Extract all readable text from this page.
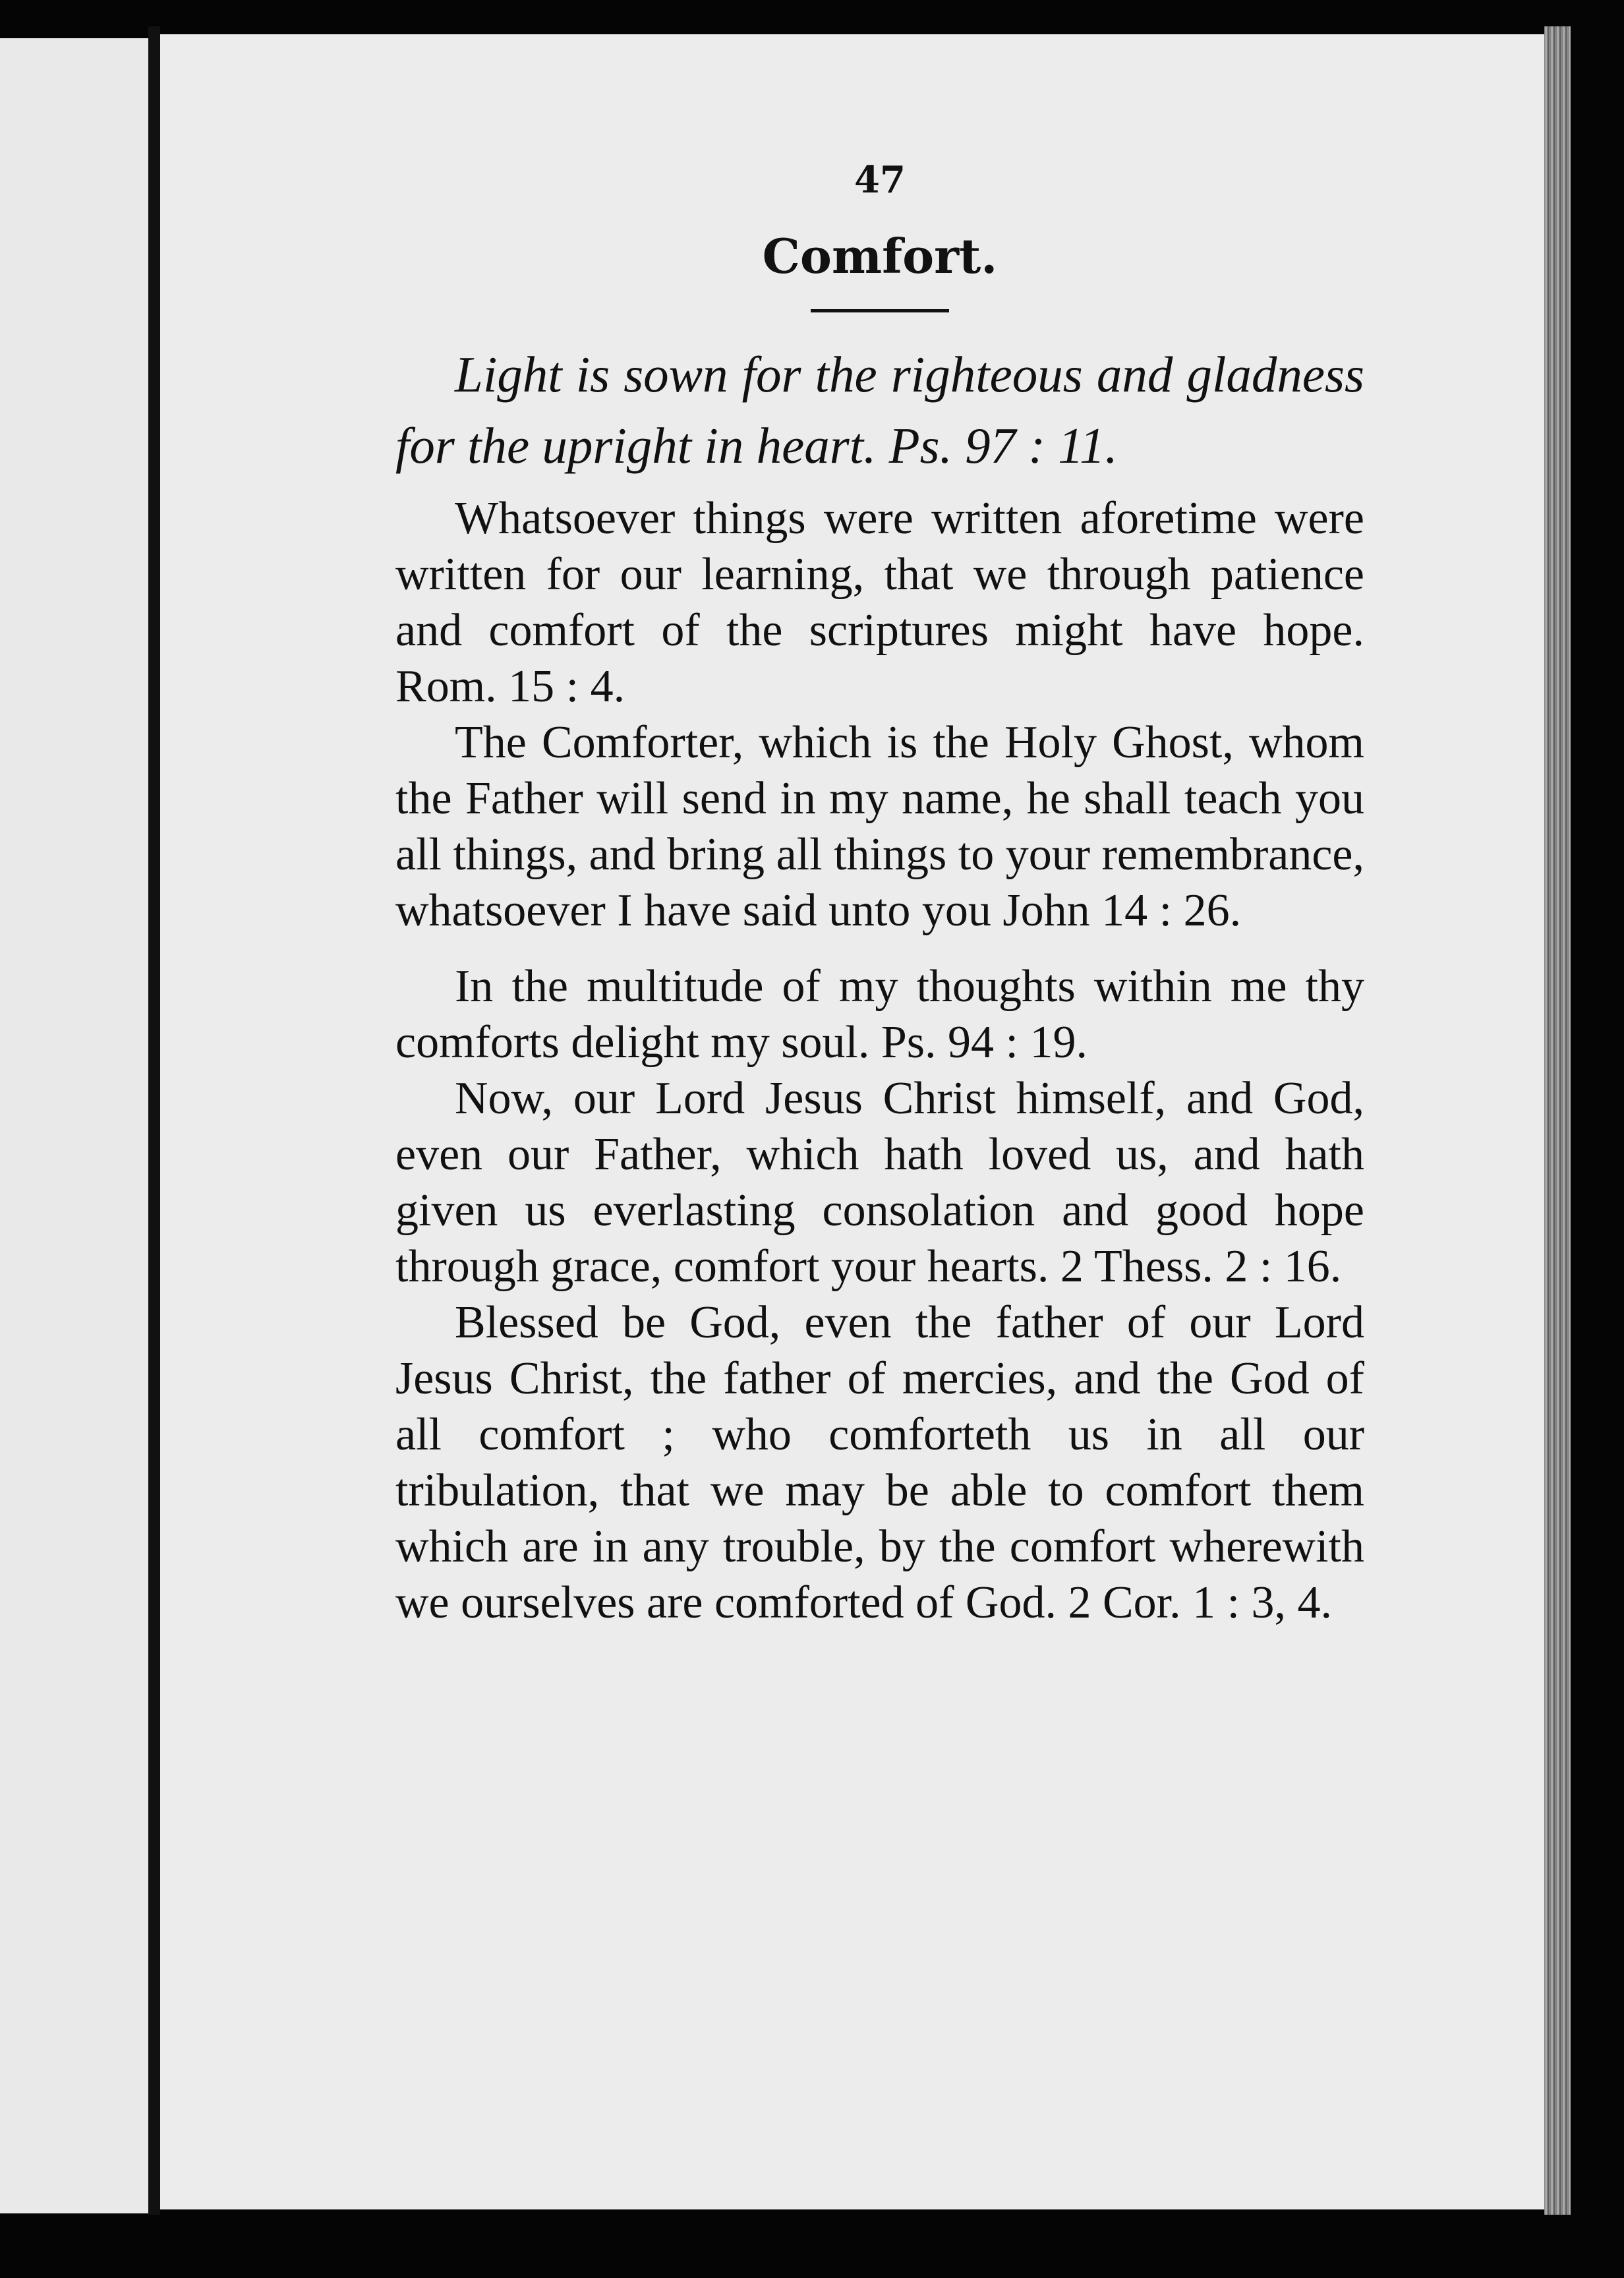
47
Comfort.

Light is sown for the righteous and gladness for the upright in heart. Ps. 97 : 11.

Whatsoever things were written aforetime were written for our learning, that we through patience and comfort of the scriptures might have hope. Rom. 15 : 4.

The Comforter, which is the Holy Ghost, whom the Father will send in my name, he shall teach you all things, and bring all things to your remembrance, whatsoever I have said unto you John 14 : 26.

In the multitude of my thoughts within me thy comforts delight my soul. Ps. 94 : 19.

Now, our Lord Jesus Christ himself, and God, even our Father, which hath loved us, and hath given us everlasting consolation and good hope through grace, comfort your hearts. 2 Thess. 2 : 16.

Blessed be God, even the father of our Lord Jesus Christ, the father of mercies, and the God of all comfort ; who comforteth us in all our tribulation, that we may be able to comfort them which are in any trouble, by the comfort wherewith we ourselves are comforted of God. 2 Cor. 1 : 3, 4.
